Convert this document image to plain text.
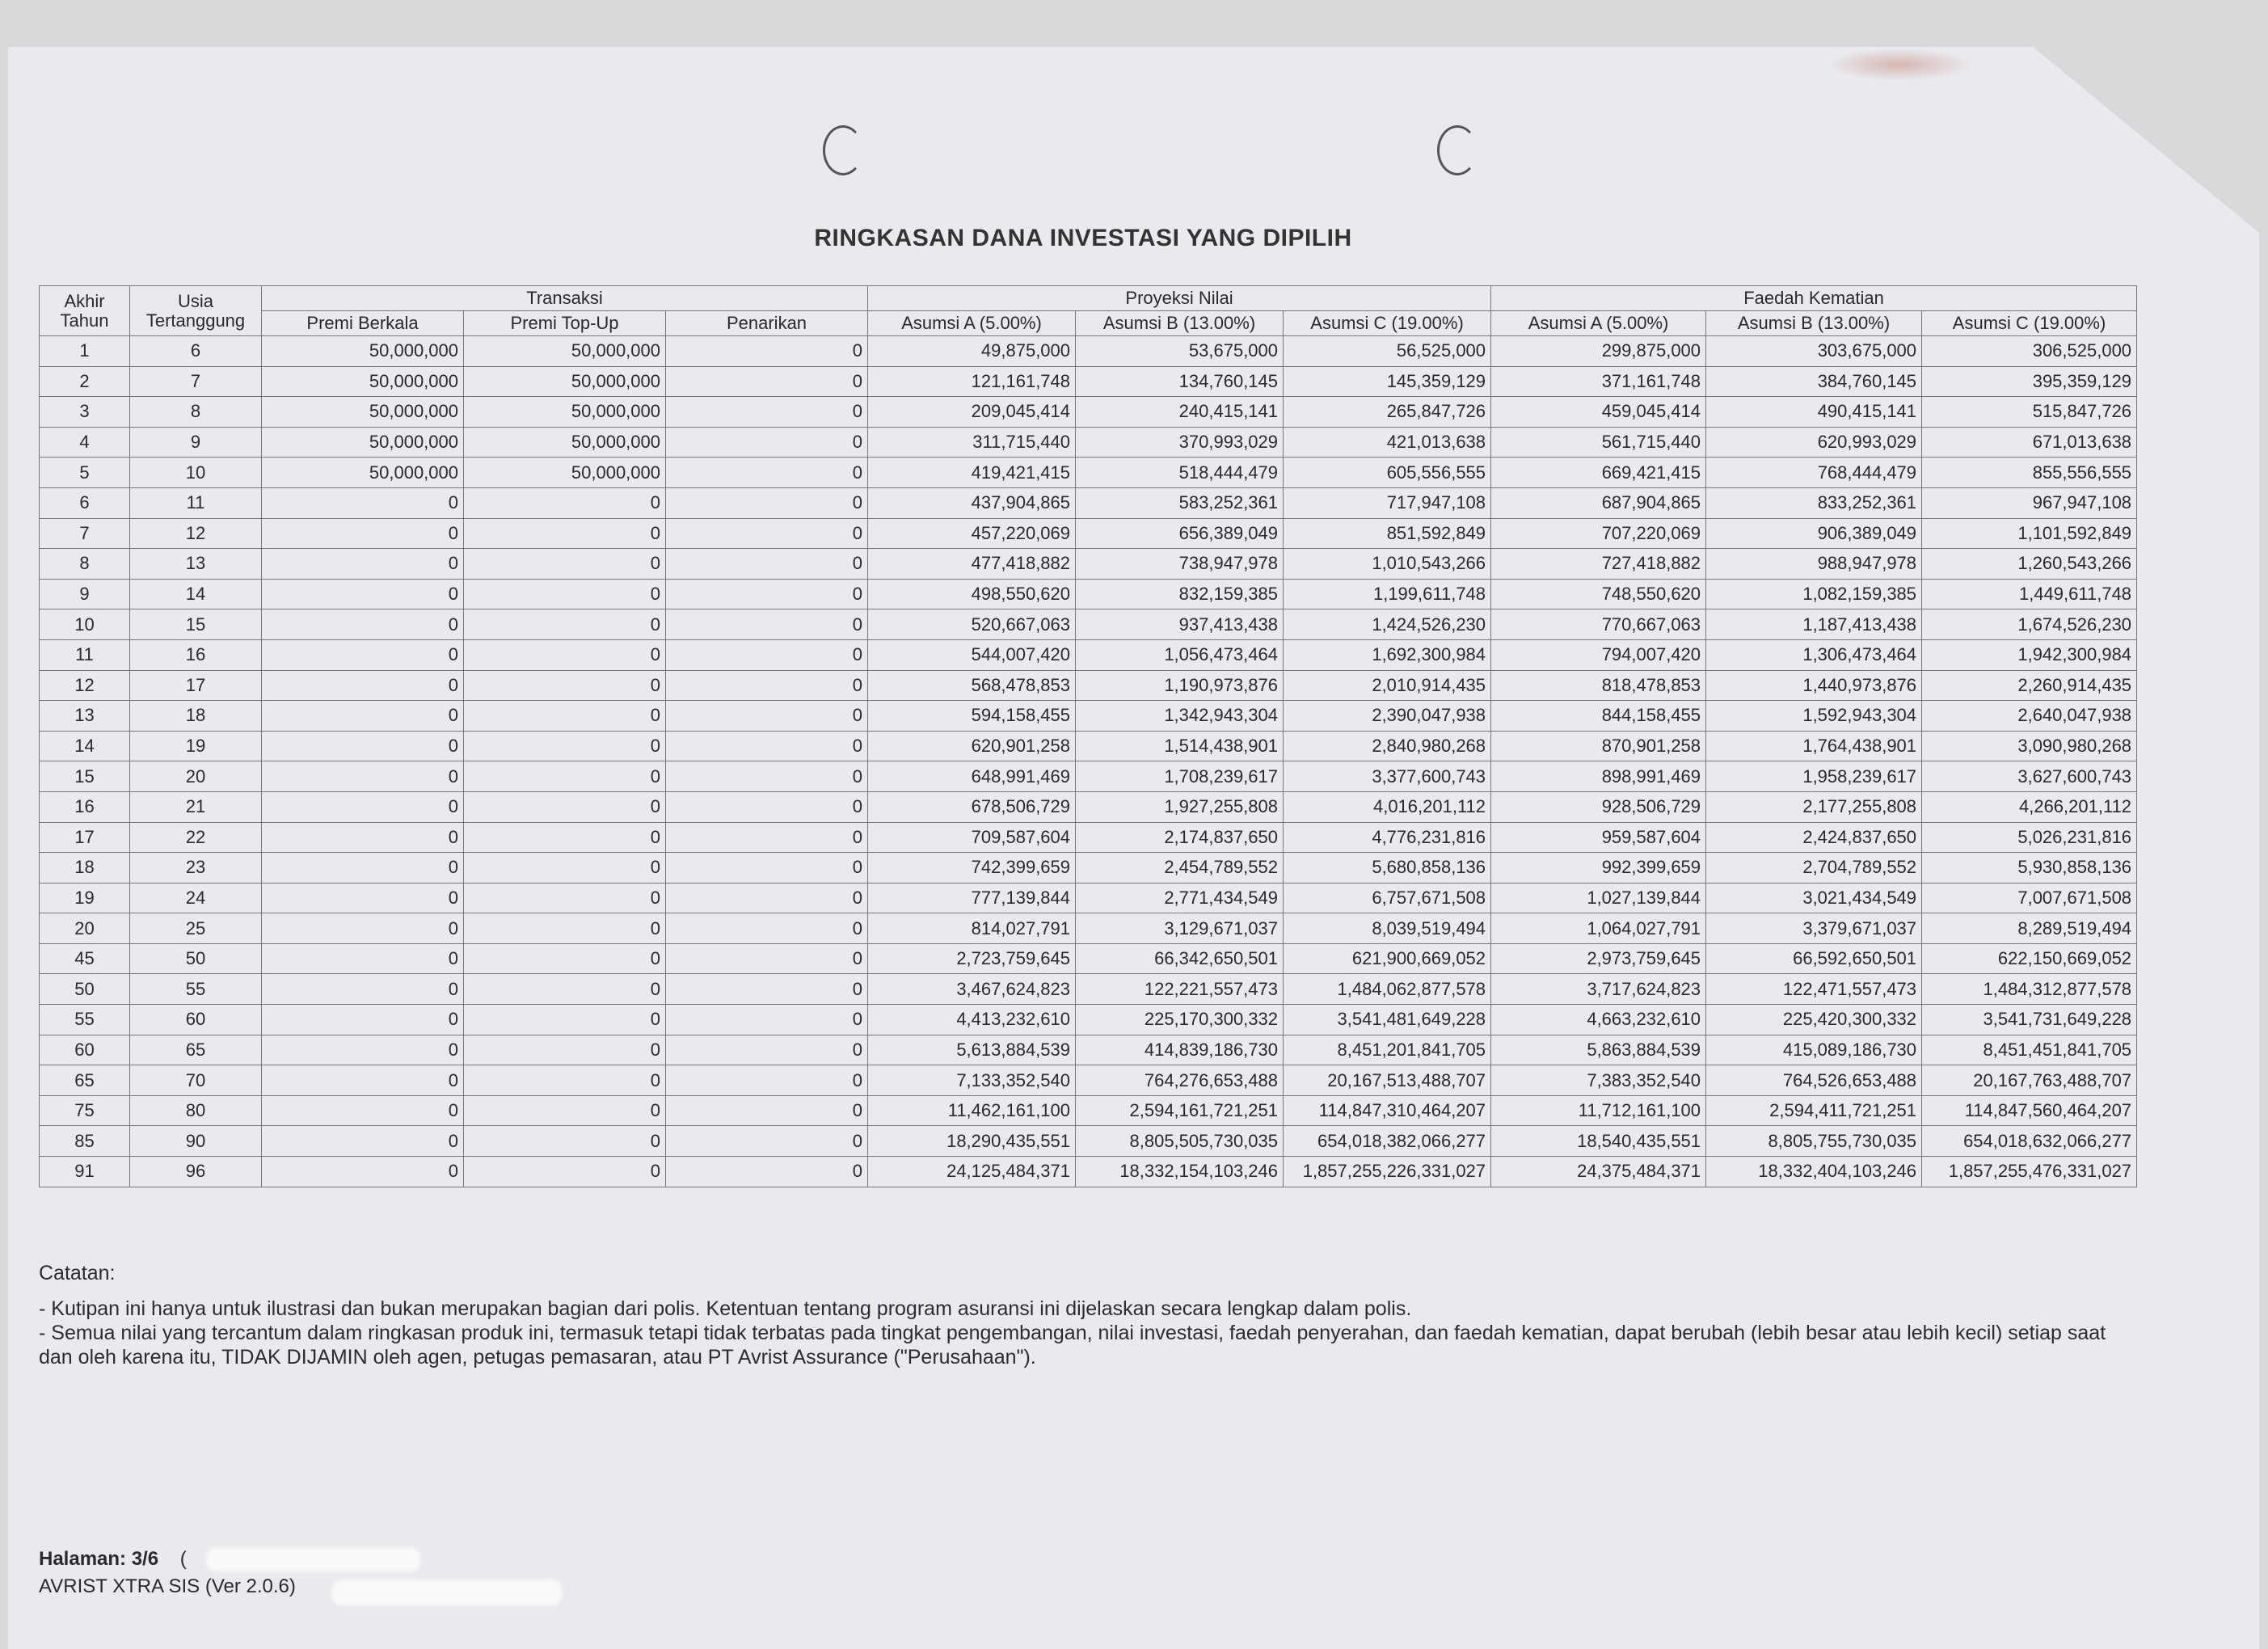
RINGKASAN DANA INVESTASI YANG DIPILIH
Akhir Tahun	Usia Tertanggung	Transaksi			Proyeksi Nilai			Faedah Kematian		
		Premi Berkala	Premi Top-Up	Penarikan	Asumsi A (5.00%)	Asumsi B (13.00%)	Asumsi C (19.00%)	Asumsi A (5.00%)	Asumsi B (13.00%)	Asumsi C (19.00%)
1	6	50,000,000	50,000,000	0	49,875,000	53,675,000	56,525,000	299,875,000	303,675,000	306,525,000
2	7	50,000,000	50,000,000	0	121,161,748	134,760,145	145,359,129	371,161,748	384,760,145	395,359,129
3	8	50,000,000	50,000,000	0	209,045,414	240,415,141	265,847,726	459,045,414	490,415,141	515,847,726
4	9	50,000,000	50,000,000	0	311,715,440	370,993,029	421,013,638	561,715,440	620,993,029	671,013,638
5	10	50,000,000	50,000,000	0	419,421,415	518,444,479	605,556,555	669,421,415	768,444,479	855,556,555
6	11	0	0	0	437,904,865	583,252,361	717,947,108	687,904,865	833,252,361	967,947,108
7	12	0	0	0	457,220,069	656,389,049	851,592,849	707,220,069	906,389,049	1,101,592,849
8	13	0	0	0	477,418,882	738,947,978	1,010,543,266	727,418,882	988,947,978	1,260,543,266
9	14	0	0	0	498,550,620	832,159,385	1,199,611,748	748,550,620	1,082,159,385	1,449,611,748
10	15	0	0	0	520,667,063	937,413,438	1,424,526,230	770,667,063	1,187,413,438	1,674,526,230
11	16	0	0	0	544,007,420	1,056,473,464	1,692,300,984	794,007,420	1,306,473,464	1,942,300,984
12	17	0	0	0	568,478,853	1,190,973,876	2,010,914,435	818,478,853	1,440,973,876	2,260,914,435
13	18	0	0	0	594,158,455	1,342,943,304	2,390,047,938	844,158,455	1,592,943,304	2,640,047,938
14	19	0	0	0	620,901,258	1,514,438,901	2,840,980,268	870,901,258	1,764,438,901	3,090,980,268
15	20	0	0	0	648,991,469	1,708,239,617	3,377,600,743	898,991,469	1,958,239,617	3,627,600,743
16	21	0	0	0	678,506,729	1,927,255,808	4,016,201,112	928,506,729	2,177,255,808	4,266,201,112
17	22	0	0	0	709,587,604	2,174,837,650	4,776,231,816	959,587,604	2,424,837,650	5,026,231,816
18	23	0	0	0	742,399,659	2,454,789,552	5,680,858,136	992,399,659	2,704,789,552	5,930,858,136
19	24	0	0	0	777,139,844	2,771,434,549	6,757,671,508	1,027,139,844	3,021,434,549	7,007,671,508
20	25	0	0	0	814,027,791	3,129,671,037	8,039,519,494	1,064,027,791	3,379,671,037	8,289,519,494
45	50	0	0	0	2,723,759,645	66,342,650,501	621,900,669,052	2,973,759,645	66,592,650,501	622,150,669,052
50	55	0	0	0	3,467,624,823	122,221,557,473	1,484,062,877,578	3,717,624,823	122,471,557,473	1,484,312,877,578
55	60	0	0	0	4,413,232,610	225,170,300,332	3,541,481,649,228	4,663,232,610	225,420,300,332	3,541,731,649,228
60	65	0	0	0	5,613,884,539	414,839,186,730	8,451,201,841,705	5,863,884,539	415,089,186,730	8,451,451,841,705
65	70	0	0	0	7,133,352,540	764,276,653,488	20,167,513,488,707	7,383,352,540	764,526,653,488	20,167,763,488,707
75	80	0	0	0	11,462,161,100	2,594,161,721,251	114,847,310,464,207	11,712,161,100	2,594,411,721,251	114,847,560,464,207
85	90	0	0	0	18,290,435,551	8,805,505,730,035	654,018,382,066,277	18,540,435,551	8,805,755,730,035	654,018,632,066,277
91	96	0	0	0	24,125,484,371	18,332,154,103,246	1,857,255,226,331,027	24,375,484,371	18,332,404,103,246	1,857,255,476,331,027

Catatan:

- Kutipan ini hanya untuk ilustrasi dan bukan merupakan bagian dari polis. Ketentuan tentang program asuransi ini dijelaskan secara lengkap dalam polis.

- Semua nilai yang tercantum dalam ringkasan produk ini, termasuk tetapi tidak terbatas pada tingkat pengembangan, nilai investasi, faedah penyerahan, dan faedah kematian, dapat berubah (lebih besar atau lebih kecil) setiap saat dan oleh karena itu, TIDAK DIJAMIN oleh agen, petugas pemasaran, atau PT Avrist Assurance ("Perusahaan").

Halaman: 3/6 (
AVRIST XTRA SIS (Ver 2.0.6)
